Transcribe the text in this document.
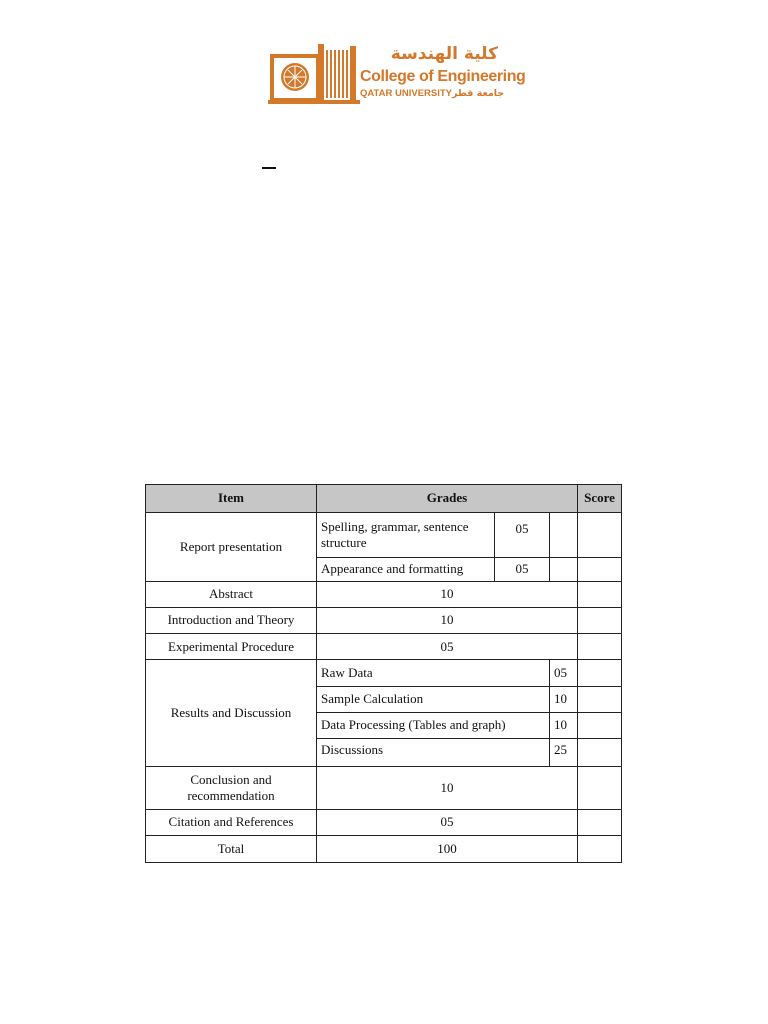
كلية الهندسة
College of Engineering
QATAR UNIVERSITYجامعة قطر
Item	Grades			Score
Report presentation	Spelling, grammar, sentence structure	05		
	Appearance and formatting	05		
Abstract	10			
Introduction and Theory	10			
Experimental Procedure	05			
Results and Discussion	Raw Data		05	
	Sample Calculation		10	
	Data Processing (Tables and graph)		10	
	Discussions		25	
Conclusion and recommendation	10			
Citation and References	05			
Total	100			
